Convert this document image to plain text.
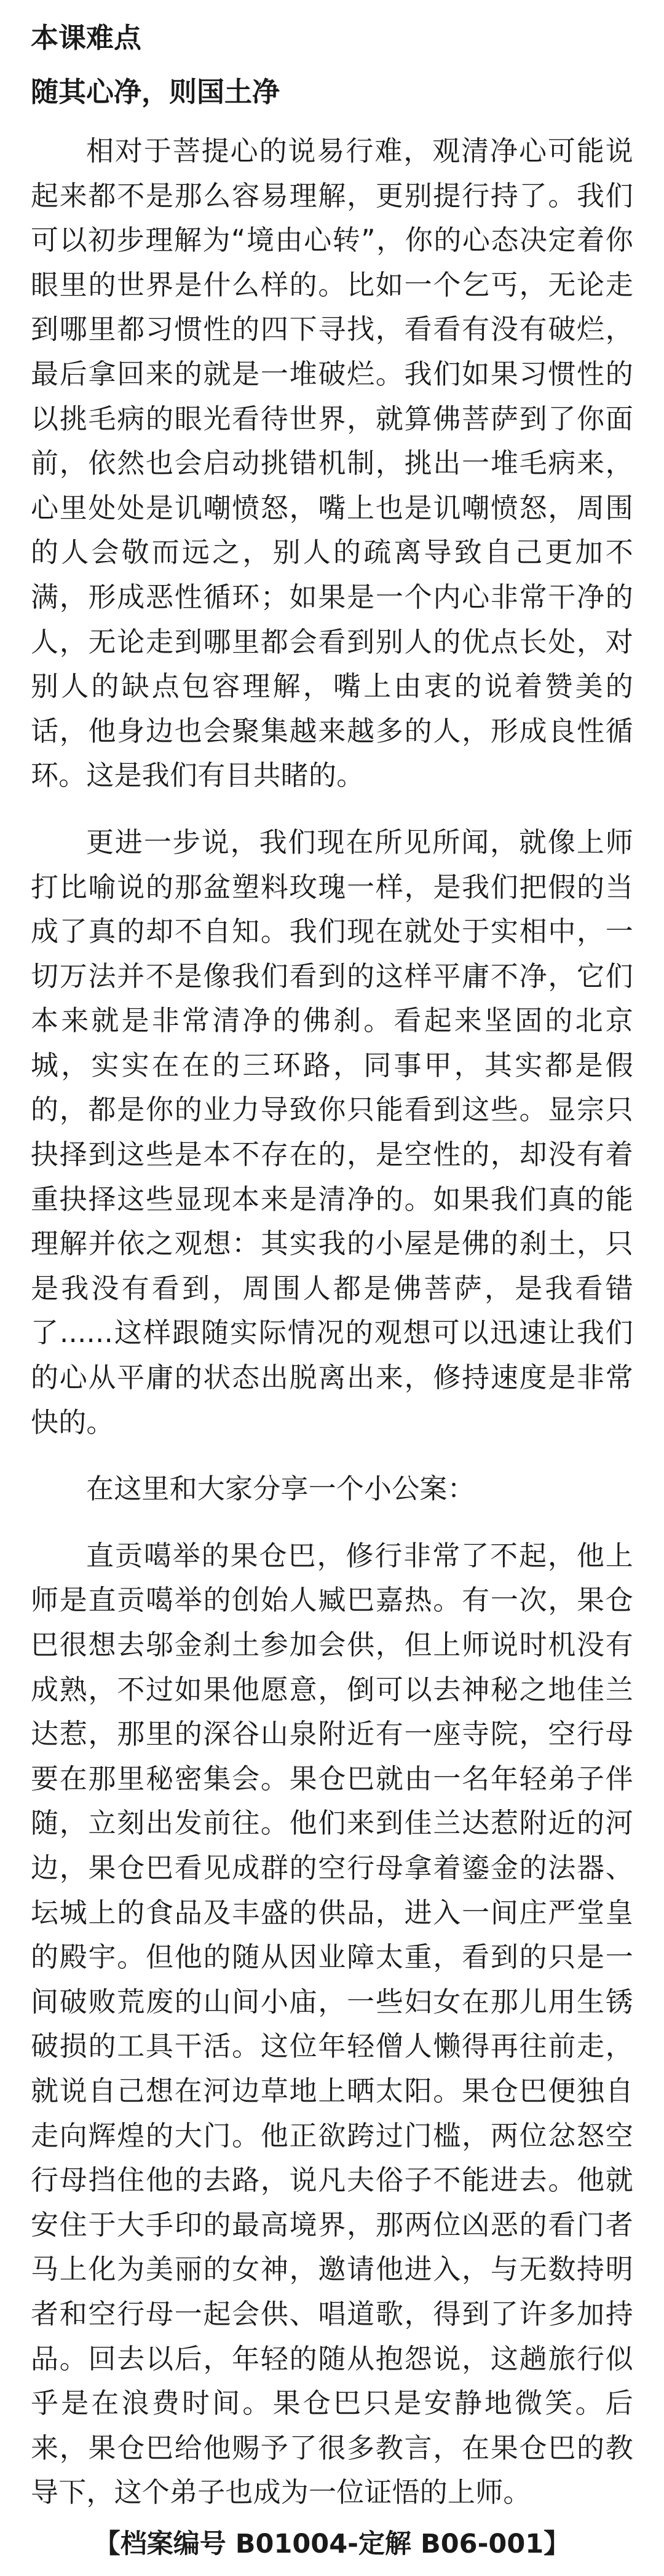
本课难点
随其心净，则国土净

相对于菩提心的说易行难，观清净心可能说起来都不是那么容易理解，更别提行持了。我们可以初步理解为“境由心转”，你的心态决定着你眼里的世界是什么样的。比如一个乞丐，无论走到哪里都习惯性的四下寻找，看看有没有破烂，最后拿回来的就是一堆破烂。我们如果习惯性的以挑毛病的眼光看待世界，就算佛菩萨到了你面前，依然也会启动挑错机制，挑出一堆毛病来，心里处处是讥嘲愤怒，嘴上也是讥嘲愤怒，周围的人会敬而远之，别人的疏离导致自己更加不满，形成恶性循环；如果是一个内心非常干净的人，无论走到哪里都会看到别人的优点长处，对别人的缺点包容理解，嘴上由衷的说着赞美的话，他身边也会聚集越来越多的人，形成良性循环。这是我们有目共睹的。

更进一步说，我们现在所见所闻，就像上师打比喻说的那盆塑料玫瑰一样，是我们把假的当成了真的却不自知。我们现在就处于实相中，一切万法并不是像我们看到的这样平庸不净，它们本来就是非常清净的佛刹。看起来坚固的北京城，实实在在的三环路，同事甲，其实都是假的，都是你的业力导致你只能看到这些。显宗只抉择到这些是本不存在的，是空性的，却没有着重抉择这些显现本来是清净的。如果我们真的能理解并依之观想：其实我的小屋是佛的刹土，只是我没有看到，周围人都是佛菩萨，是我看错了......这样跟随实际情况的观想可以迅速让我们的心从平庸的状态出脱离出来，修持速度是非常快的。

在这里和大家分享一个小公案：

直贡噶举的果仓巴，修行非常了不起，他上师是直贡噶举的创始人臧巴嘉热。有一次，果仓巴很想去邬金刹土参加会供，但上师说时机没有成熟，不过如果他愿意，倒可以去神秘之地佳兰达惹，那里的深谷山泉附近有一座寺院，空行母要在那里秘密集会。果仓巴就由一名年轻弟子伴随，立刻出发前往。他们来到佳兰达惹附近的河边，果仓巴看见成群的空行母拿着鎏金的法器、坛城上的食品及丰盛的供品，进入一间庄严堂皇的殿宇。但他的随从因业障太重，看到的只是一间破败荒废的山间小庙，一些妇女在那儿用生锈破损的工具干活。这位年轻僧人懒得再往前走，就说自己想在河边草地上晒太阳。果仓巴便独自走向辉煌的大门。他正欲跨过门槛，两位忿怒空行母挡住他的去路，说凡夫俗子不能进去。他就安住于大手印的最高境界，那两位凶恶的看门者马上化为美丽的女神，邀请他进入，与无数持明者和空行母一起会供、唱道歌，得到了许多加持品。回去以后，年轻的随从抱怨说，这趟旅行似乎是在浪费时间。果仓巴只是安静地微笑。后来，果仓巴给他赐予了很多教言，在果仓巴的教导下，这个弟子也成为一位证悟的上师。

【档案编号 B01004-定解 B06-001】
